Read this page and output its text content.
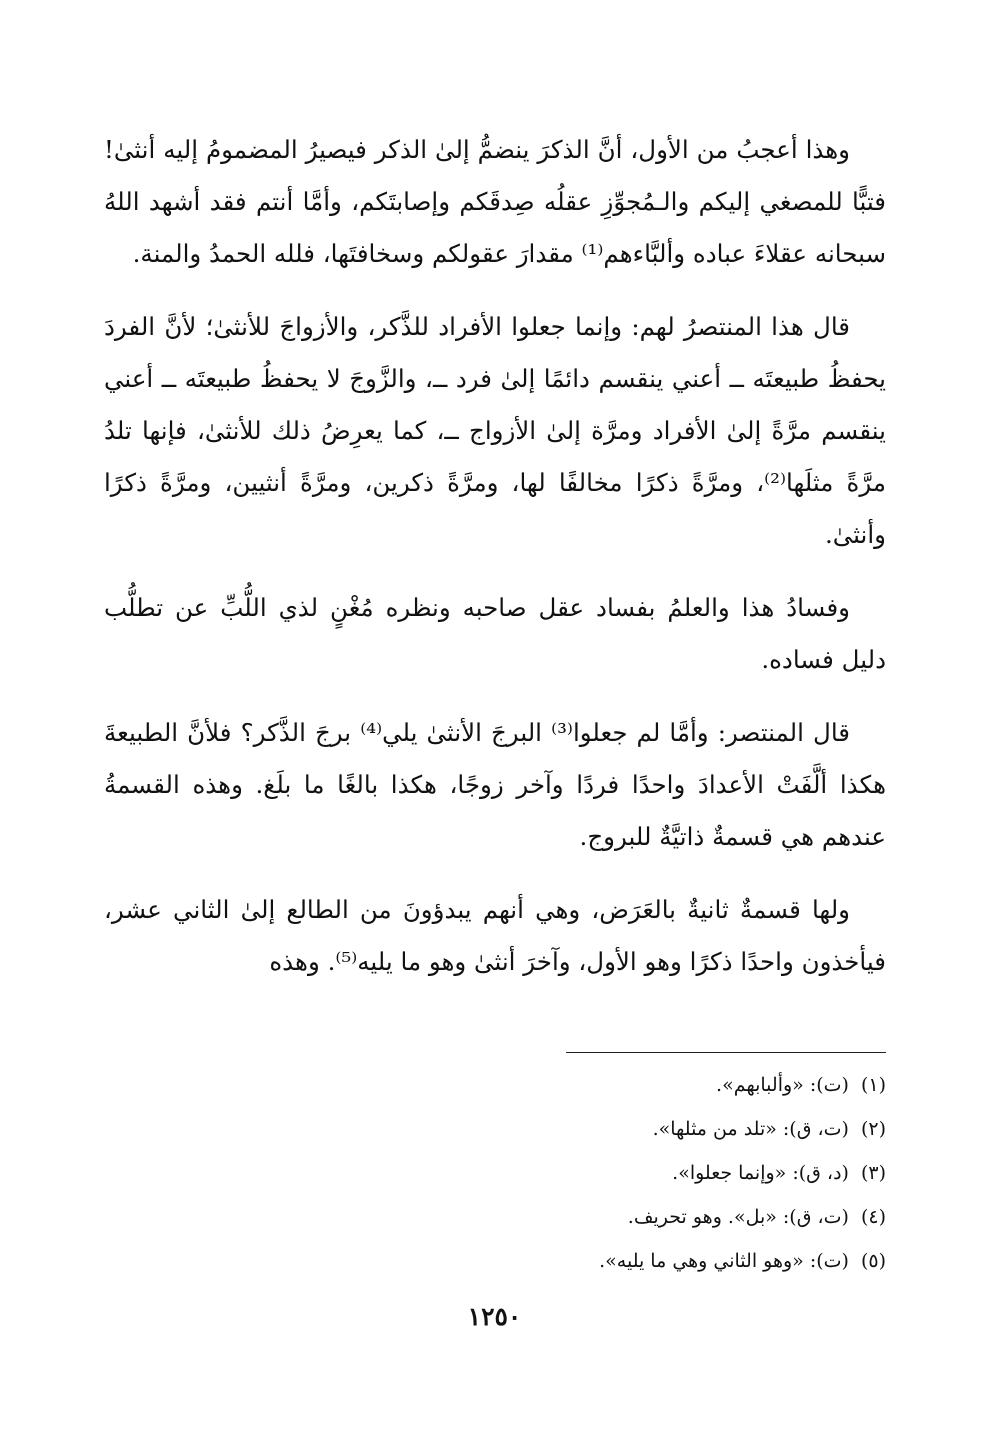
وهذا أعجبُ من الأول، أنَّ الذكرَ ينضمُّ إلىٰ الذكر فيصيرُ المضمومُ إليه أنثىٰ! فتبًّا للمصغي إليكم والـمُجوِّزِ عقلُه صِدقَكم وإصابتَكم، وأمَّا أنتم فقد أشهد اللهُ سبحانه عقلاءَ عباده وألبَّاءهم⁽¹⁾ مقدارَ عقولكم وسخافتَها، فلله الحمدُ والمنة.

قال هذا المنتصرُ لهم: وإنما جعلوا الأفراد للذَّكر، والأزواجَ للأنثىٰ؛ لأنَّ الفردَ يحفظُ طبيعتَه ــ أعني ينقسم دائمًا إلىٰ فرد ــ، والزَّوجَ لا يحفظُ طبيعتَه ــ أعني ينقسم مرَّةً إلىٰ الأفراد ومرَّة إلىٰ الأزواج ــ، كما يعرِضُ ذلك للأنثىٰ، فإنها تلدُ مرَّةً مثلَها⁽²⁾، ومرَّةً ذكرًا مخالفًا لها، ومرَّةً ذكرين، ومرَّةً أنثيين، ومرَّةً ذكرًا وأنثىٰ.

وفسادُ هذا والعلمُ بفساد عقل صاحبه ونظره مُغْنٍ لذي اللُّبِّ عن تطلُّب دليل فساده.

قال المنتصر: وأمَّا لم جعلوا⁽³⁾ البرجَ الأنثىٰ يلي⁽⁴⁾ برجَ الذَّكر؟ فلأنَّ الطبيعةَ هكذا ألَّفَتْ الأعدادَ واحدًا فردًا وآخر زوجًا، هكذا بالغًا ما بلَغ. وهذه القسمةُ عندهم هي قسمةٌ ذاتيَّةٌ للبروج.

ولها قسمةٌ ثانيةٌ بالعَرَض، وهي أنهم يبدؤونَ من الطالع إلىٰ الثاني عشر، فيأخذون واحدًا ذكرًا وهو الأول، وآخرَ أنثىٰ وهو ما يليه⁽⁵⁾. وهذه

(١)(ت): «وألبابهم».
(٢)(ت، ق): «تلد من مثلها».
(٣)(د، ق): «وإنما جعلوا».
(٤)(ت، ق): «بل». وهو تحريف.
(٥)(ت): «وهو الثاني وهي ما يليه».
١٢٥٠
